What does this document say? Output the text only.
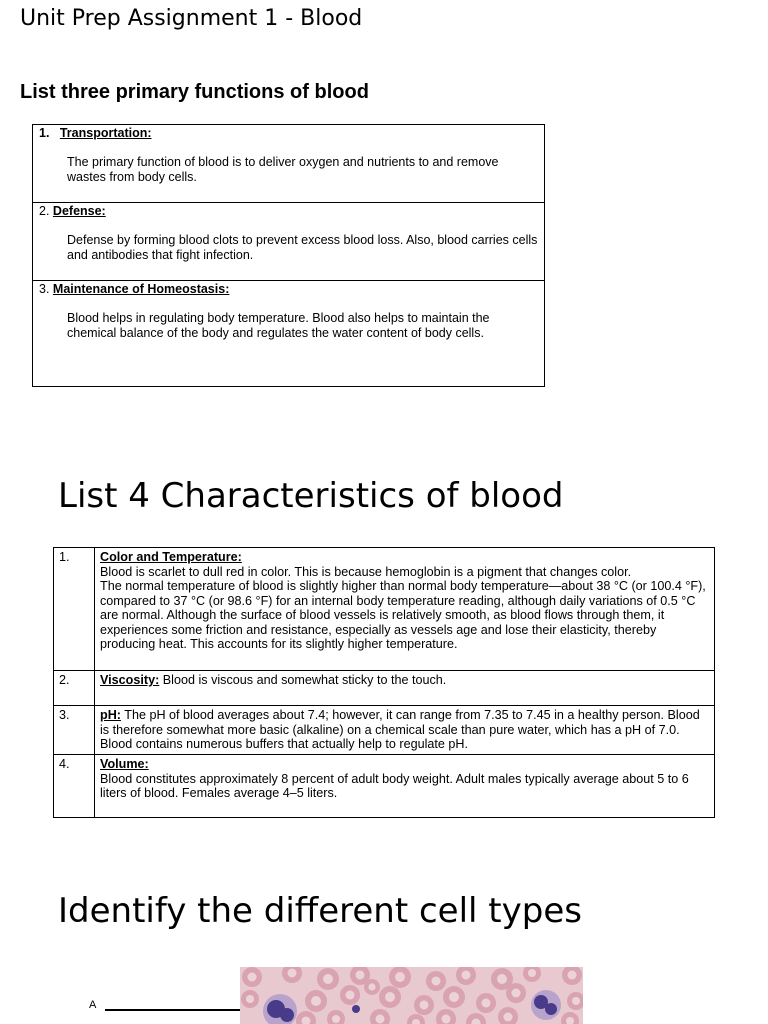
Unit Prep Assignment 1 - Blood
List three primary functions of blood
1. Transportation:
The primary function of blood is to deliver oxygen and nutrients to and remove wastes from body cells.

2. Defense:
Defense by forming blood clots to prevent excess blood loss. Also, blood carries cells and antibodies that fight infection.

3. Maintenance of Homeostasis:
Blood helps in regulating body temperature. Blood also helps to maintain the chemical balance of the body and regulates the water content of body cells.
List 4 Characteristics of blood
1.	Color and Temperature:
Blood is scarlet to dull red in color. This is because hemoglobin is a pigment that changes color.
The normal temperature of blood is slightly higher than normal body temperature—about 38 °C (or 100.4 °F), compared to 37 °C (or 98.6 °F) for an internal body temperature reading, although daily variations of 0.5 °C are normal. Although the surface of blood vessels is relatively smooth, as blood flows through them, it experiences some friction and resistance, especially as vessels age and lose their elasticity, thereby producing heat. This accounts for its slightly higher temperature.
2.	Viscosity: Blood is viscous and somewhat sticky to the touch.
3.	pH: The pH of blood averages about 7.4; however, it can range from 7.35 to 7.45 in a healthy person. Blood is therefore somewhat more basic (alkaline) on a chemical scale than pure water, which has a pH of 7.0. Blood contains numerous buffers that actually help to regulate pH.
4.	Volume:
Blood constitutes approximately 8 percent of adult body weight. Adult males typically average about 5 to 6 liters of blood. Females average 4–5 liters.
Identify the different cell types
A
